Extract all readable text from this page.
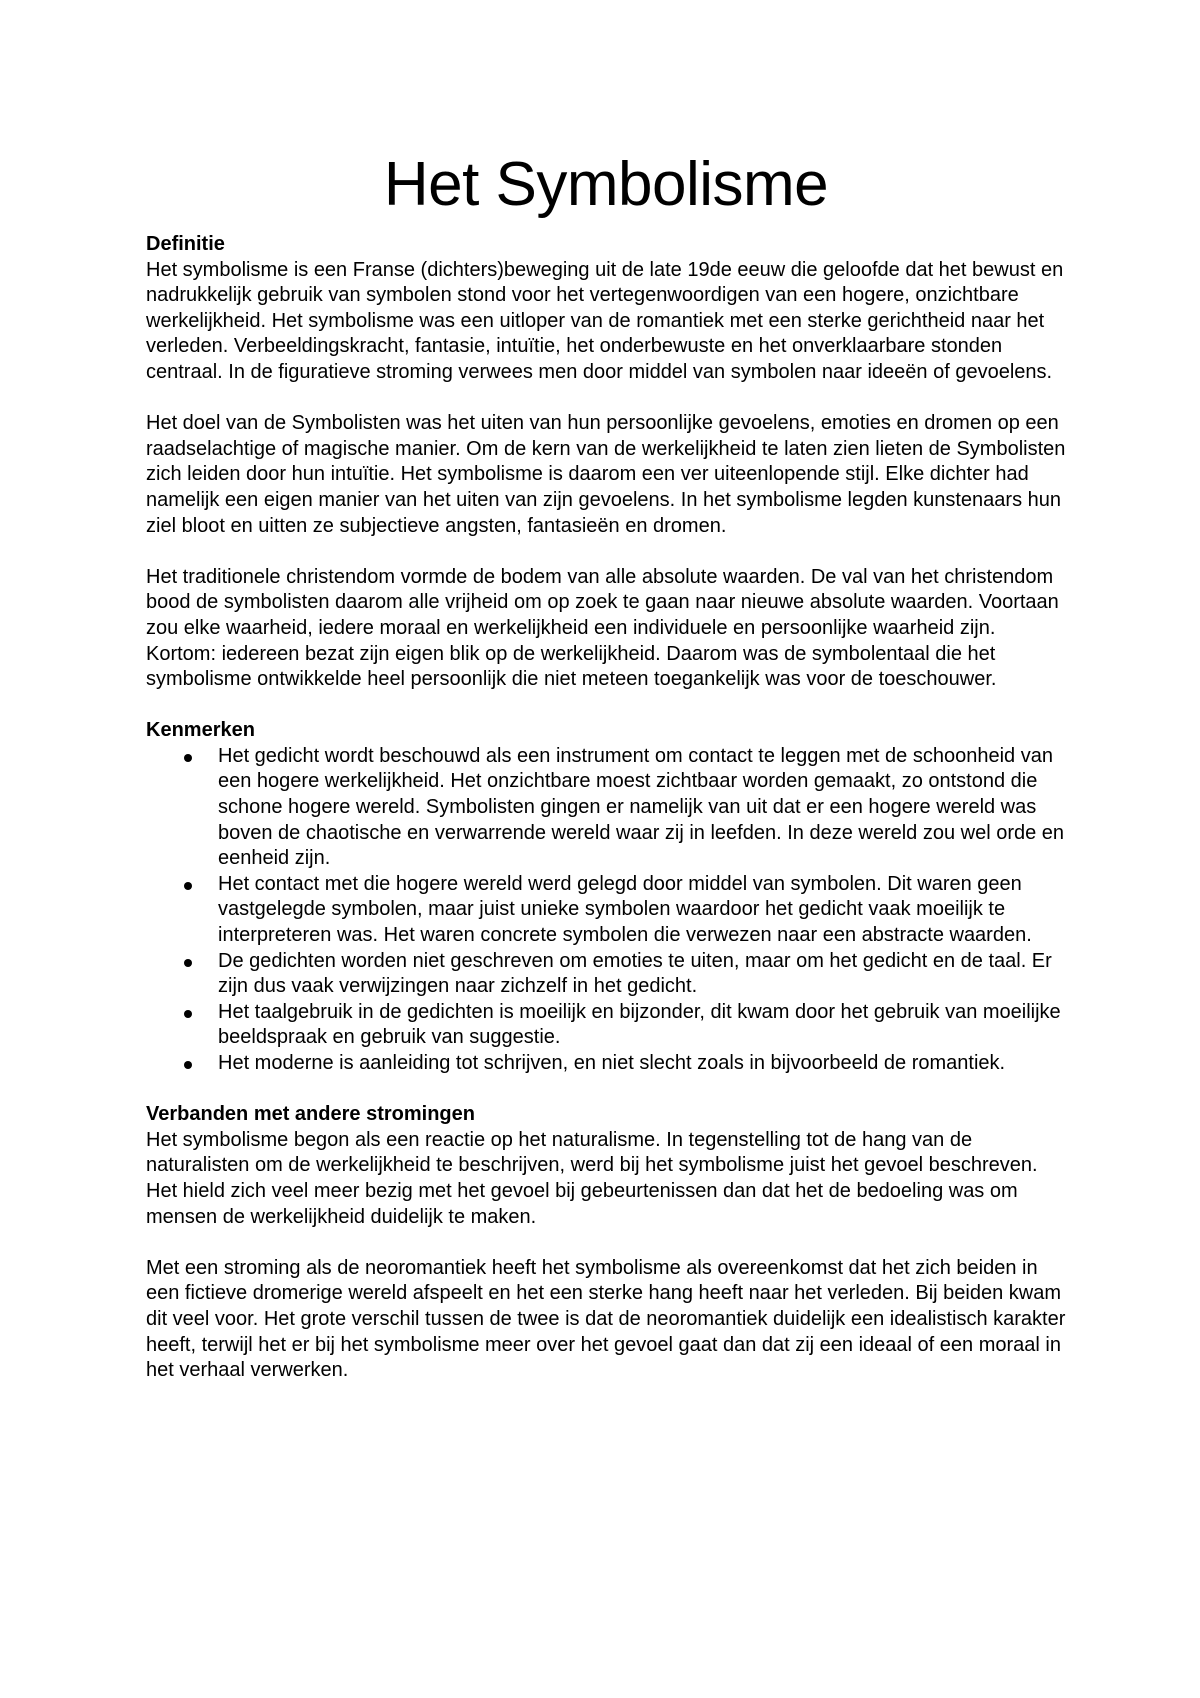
Het Symbolisme

Definitie

Het symbolisme is een Franse (dichters)beweging uit de late 19de eeuw die geloofde dat het bewust en nadrukkelijk gebruik van symbolen stond voor het vertegenwoordigen van een hogere, onzichtbare werkelijkheid. Het symbolisme was een uitloper van de romantiek met een sterke gerichtheid naar het verleden. Verbeeldingskracht, fantasie, intuïtie, het onderbewuste en het onverklaarbare stonden centraal. In de figuratieve stroming verwees men door middel van symbolen naar ideeën of gevoelens.

Het doel van de Symbolisten was het uiten van hun persoonlijke gevoelens, emoties en dromen op een raadselachtige of magische manier. Om de kern van de werkelijkheid te laten zien lieten de Symbolisten zich leiden door hun intuïtie. Het symbolisme is daarom een ver uiteenlopende stijl. Elke dichter had namelijk een eigen manier van het uiten van zijn gevoelens. In het symbolisme legden kunstenaars hun ziel bloot en uitten ze subjectieve angsten, fantasieën en dromen.

Het traditionele christendom vormde de bodem van alle absolute waarden. De val van het christendom bood de symbolisten daarom alle vrijheid om op zoek te gaan naar nieuwe absolute waarden. Voortaan zou elke waarheid, iedere moraal en werkelijkheid een individuele en persoonlijke waarheid zijn. Kortom: iedereen bezat zijn eigen blik op de werkelijkheid. Daarom was de symbolentaal die het symbolisme ontwikkelde heel persoonlijk die niet meteen toegankelijk was voor de toeschouwer.

Kenmerken

Het gedicht wordt beschouwd als een instrument om contact te leggen met de schoonheid van een hogere werkelijkheid. Het onzichtbare moest zichtbaar worden gemaakt, zo ontstond die schone hogere wereld. Symbolisten gingen er namelijk van uit dat er een hogere wereld was boven de chaotische en verwarrende wereld waar zij in leefden. In deze wereld zou wel orde en eenheid zijn.
Het contact met die hogere wereld werd gelegd door middel van symbolen. Dit waren geen vastgelegde symbolen, maar juist unieke symbolen waardoor het gedicht vaak moeilijk te interpreteren was. Het waren concrete symbolen die verwezen naar een abstracte waarden.
De gedichten worden niet geschreven om emoties te uiten, maar om het gedicht en de taal. Er zijn dus vaak verwijzingen naar zichzelf in het gedicht.
Het taalgebruik in de gedichten is moeilijk en bijzonder, dit kwam door het gebruik van moeilijke beeldspraak en gebruik van suggestie.
Het moderne is aanleiding tot schrijven, en niet slecht zoals in bijvoorbeeld de romantiek.

Verbanden met andere stromingen

Het symbolisme begon als een reactie op het naturalisme. In tegenstelling tot de hang van de naturalisten om de werkelijkheid te beschrijven, werd bij het symbolisme juist het gevoel beschreven. Het hield zich veel meer bezig met het gevoel bij gebeurtenissen dan dat het de bedoeling was om mensen de werkelijkheid duidelijk te maken.

Met een stroming als de neoromantiek heeft het symbolisme als overeenkomst dat het zich beiden in een fictieve dromerige wereld afspeelt en het een sterke hang heeft naar het verleden. Bij beiden kwam dit veel voor. Het grote verschil tussen de twee is dat de neoromantiek duidelijk een idealistisch karakter heeft, terwijl het er bij het symbolisme meer over het gevoel gaat dan dat zij een ideaal of een moraal in het verhaal verwerken.
